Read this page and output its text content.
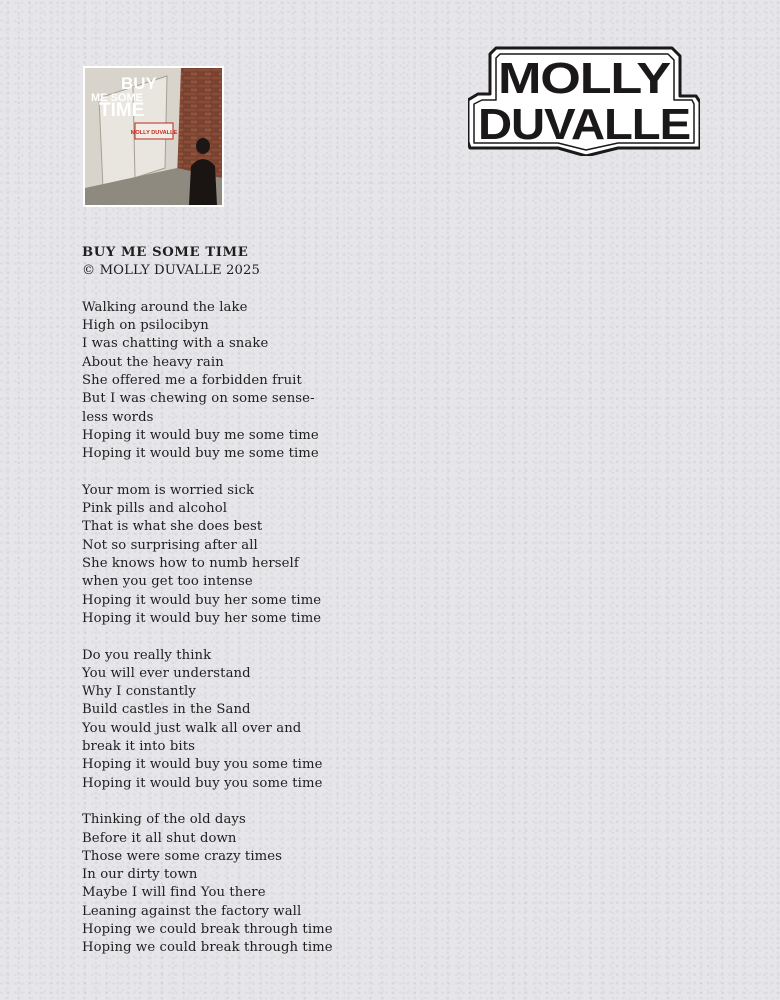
BUY
ME SOME
TIME
MOLLY DUVALLE
MOLLY
DUVALLE
BUY ME SOME TIME
© MOLLY DUVALLE 2025
Walking around the lake
High on psilocibyn
I was chatting with a snake
About the heavy rain
She offered me a forbidden fruit
But I was chewing on some sense-
less words
Hoping it would buy me some time
Hoping it would buy me some time
Your mom is worried sick
Pink pills and alcohol
That is what she does best
Not so surprising after all
She knows how to numb herself
when you get too intense
Hoping it would buy her some time
Hoping it would buy her some time
Do you really think
You will ever understand
Why I constantly
Build castles in the Sand
You would just walk all over and
break it into bits
Hoping it would buy you some time
Hoping it would buy you some time
Thinking of the old days
Before it all shut down
Those were some crazy times
In our dirty town
Maybe I will find You there
Leaning against the factory wall
Hoping we could break through time
Hoping we could break through time
